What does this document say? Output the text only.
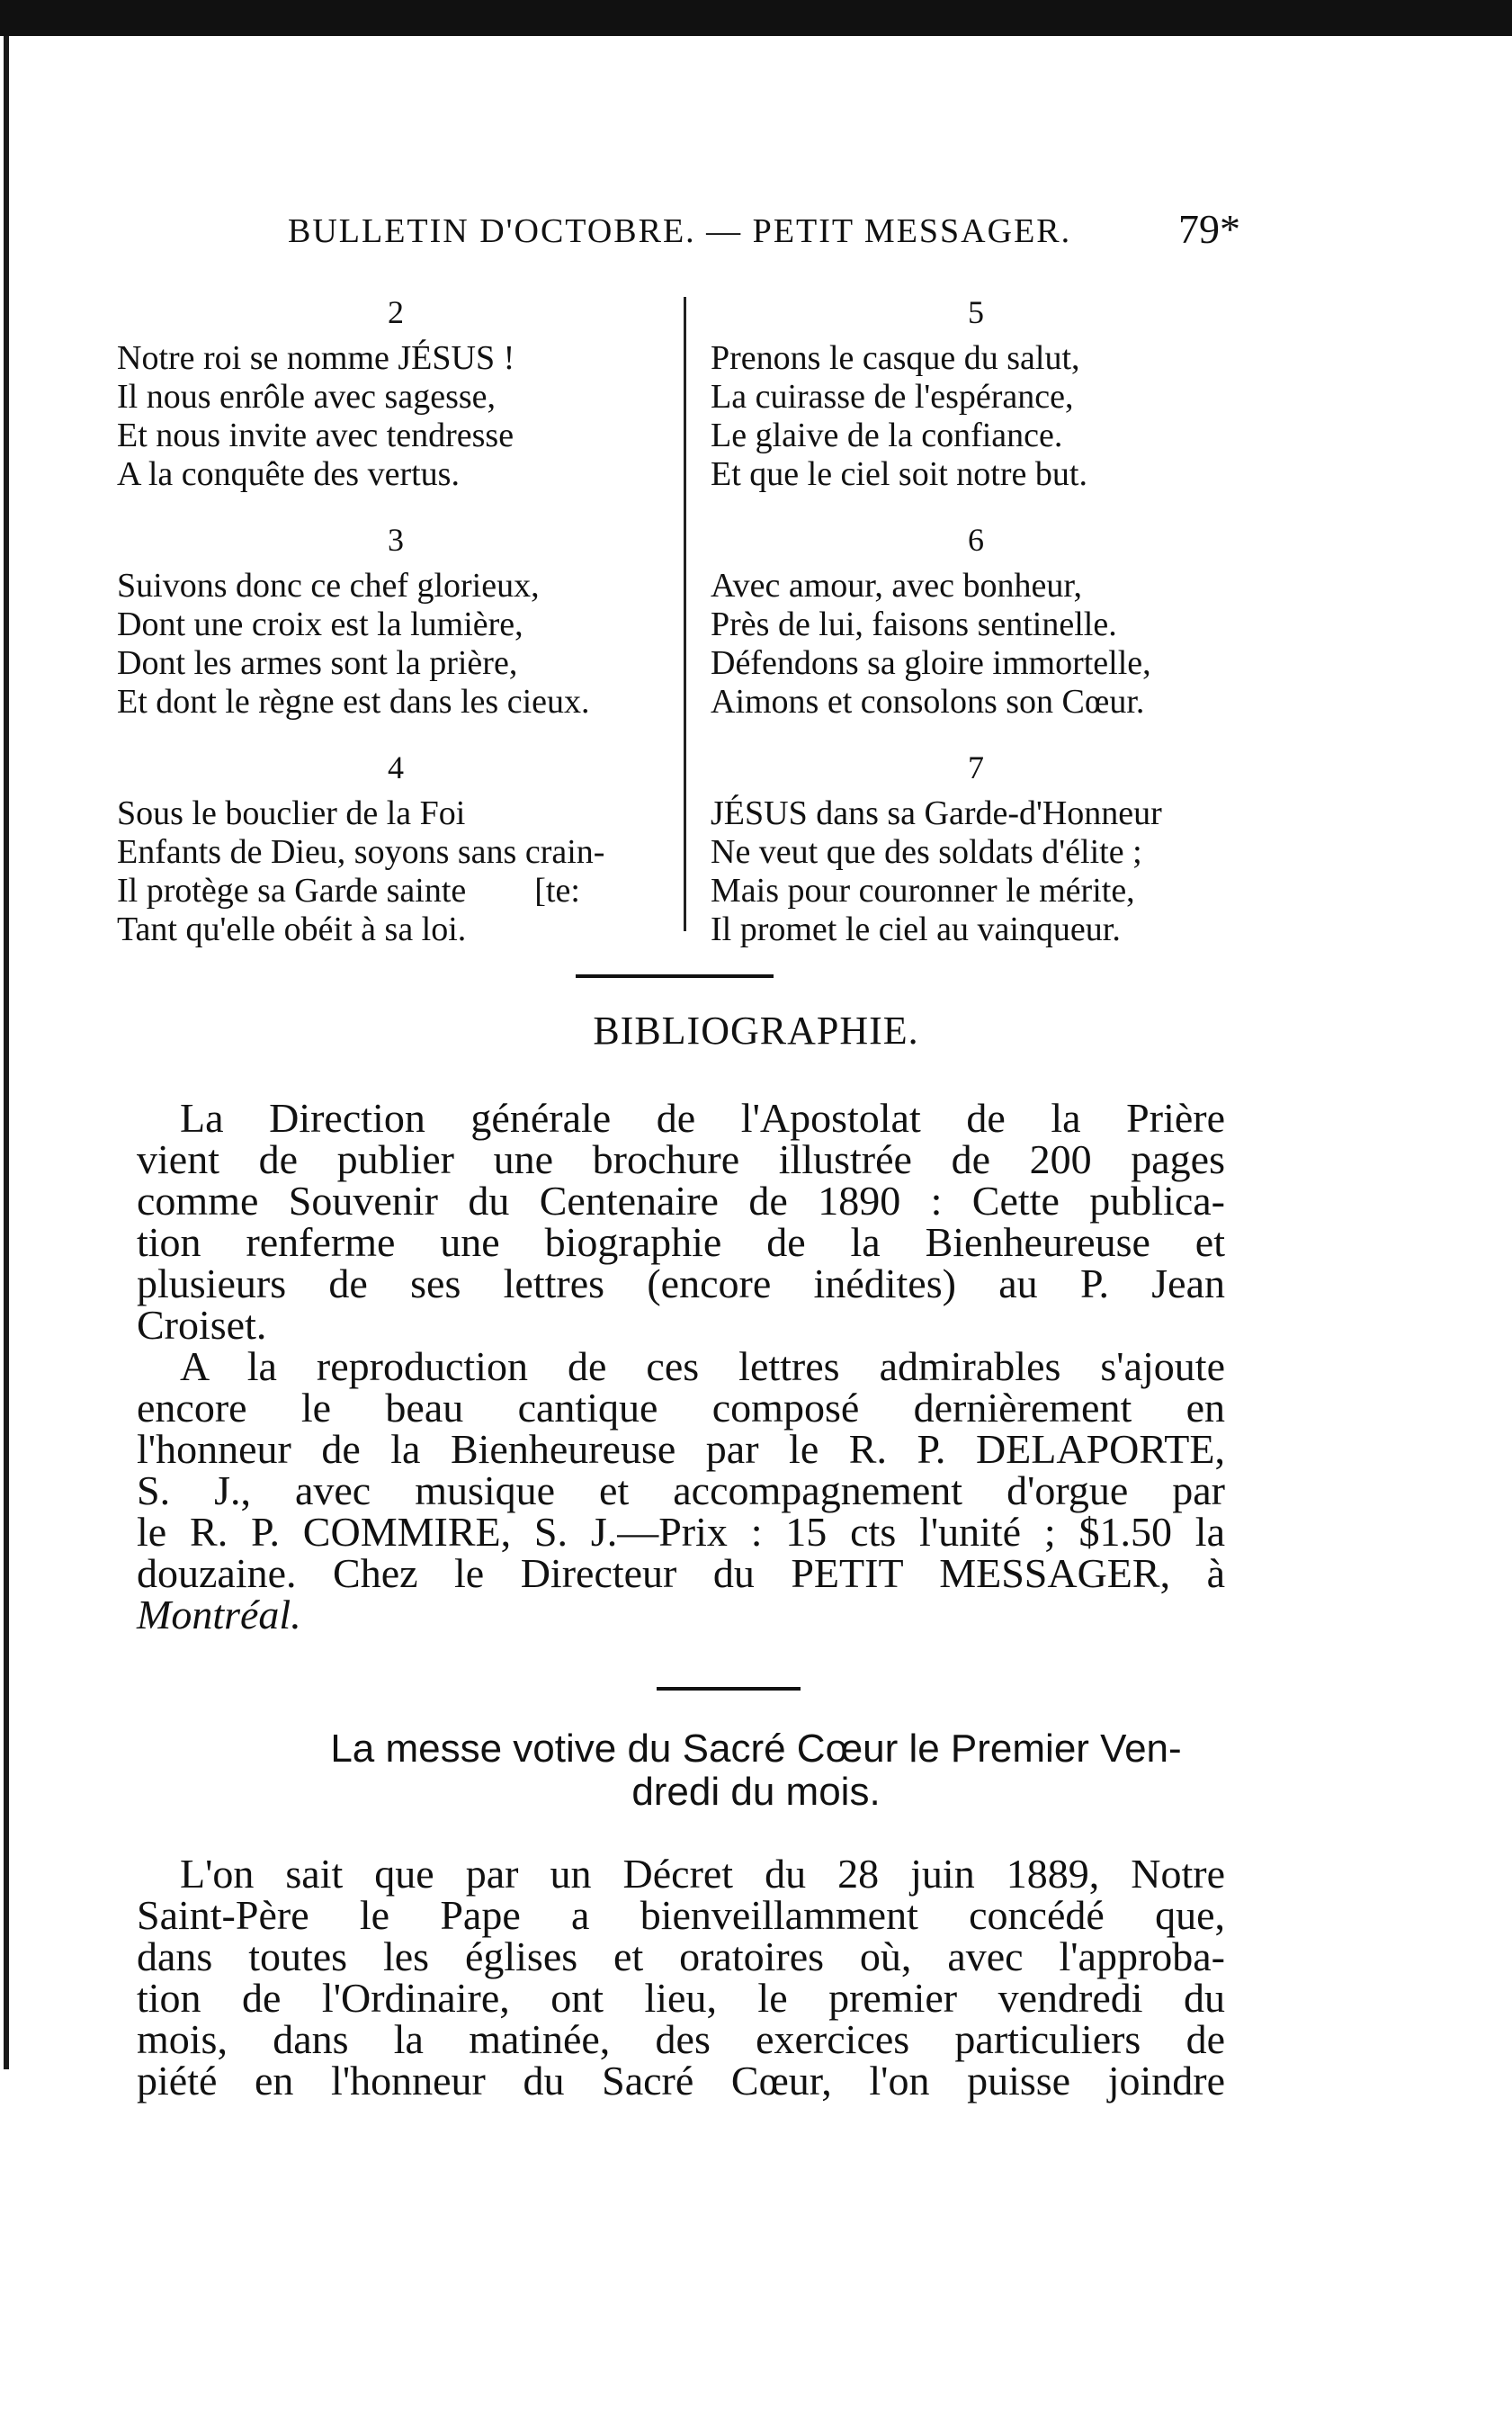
BULLETIN D'OCTOBRE. — PETIT MESSAGER.	79*
2
Notre roi se nomme JÉSUS !
Il nous enrôle avec sagesse,
Et nous invite avec tendresse
A la conquête des vertus.
3
Suivons donc ce chef glorieux,
Dont une croix est la lumière,
Dont les armes sont la prière,
Et dont le règne est dans les cieux.
4
Sous le bouclier de la Foi
Enfants de Dieu, soyons sans crain-
Il protège sa Garde sainte        [te:
Tant qu'elle obéit à sa loi.
5
Prenons le casque du salut,
La cuirasse de l'espérance,
Le glaive de la confiance.
Et que le ciel soit notre but.
6
Avec amour, avec bonheur,
Près de lui, faisons sentinelle.
Défendons sa gloire immortelle,
Aimons et consolons son Cœur.
7
JÉSUS dans sa Garde-d'Honneur
Ne veut que des soldats d'élite ;
Mais pour couronner le mérite,
Il promet le ciel au vainqueur.
BIBLIOGRAPHIE.
La Direction générale de l'Apostolat de la Prière
vient de publier une brochure illustrée de 200 pages
comme Souvenir du Centenaire de 1890 : Cette publica-
tion renferme une biographie de la Bienheureuse et
plusieurs de ses lettres (encore inédites) au P. Jean
Croiset.
A la reproduction de ces lettres admirables s'ajoute
encore le beau cantique composé dernièrement en
l'honneur de la Bienheureuse par le R. P. DELAPORTE,
S. J., avec musique et accompagnement d'orgue par
le R. P. COMMIRE, S. J.—Prix : 15 cts l'unité ; $1.50 la
douzaine. Chez le Directeur du PETIT MESSAGER, à
Montréal.
La messe votive du Sacré Cœur le Premier Ven-
dredi du mois.
L'on sait que par un Décret du 28 juin 1889, Notre
Saint-Père le Pape a bienveillamment concédé que,
dans toutes les églises et oratoires où, avec l'approba-
tion de l'Ordinaire, ont lieu, le premier vendredi du
mois, dans la matinée, des exercices particuliers de
piété en l'honneur du Sacré Cœur, l'on puisse joindre
